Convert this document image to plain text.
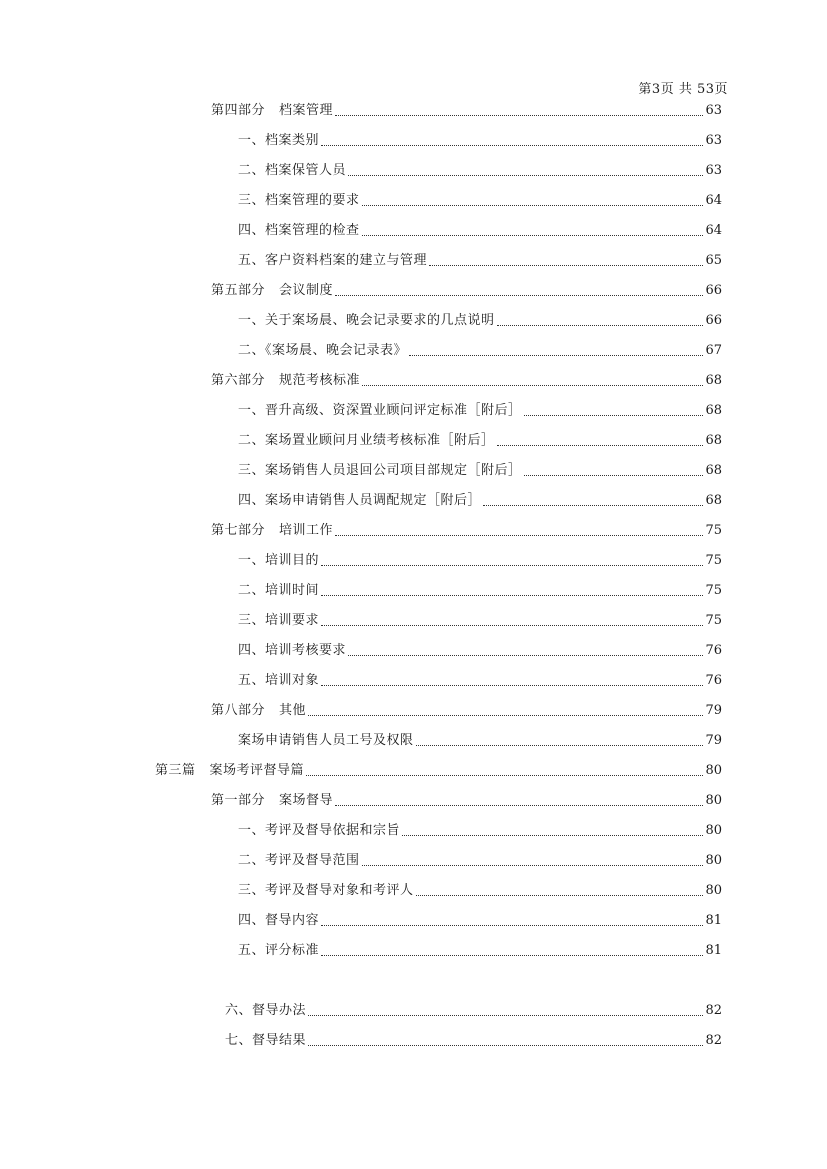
第3页 共 53页
第四部分 档案管理	63
一、档案类别	63
二、档案保管人员	63
三、档案管理的要求	64
四、档案管理的检查	64
五、客户资料档案的建立与管理	65
第五部分 会议制度	66
一、关于案场晨、晚会记录要求的几点说明	66
二、《案场晨、晚会记录表》	67
第六部分 规范考核标准	68
一、晋升高级、资深置业顾问评定标准［附后］	68
二、案场置业顾问月业绩考核标准［附后］	68
三、案场销售人员退回公司项目部规定［附后］	68
四、案场申请销售人员调配规定［附后］	68
第七部分 培训工作	75
一、培训目的	75
二、培训时间	75
三、培训要求	75
四、培训考核要求	76
五、培训对象	76
第八部分 其他	79
案场申请销售人员工号及权限	79
第三篇 案场考评督导篇	80
第一部分 案场督导	80
一、考评及督导依据和宗旨	80
二、考评及督导范围	80
三、考评及督导对象和考评人	80
四、督导内容	81
五、评分标准	81
六、督导办法	82
七、督导结果	82
